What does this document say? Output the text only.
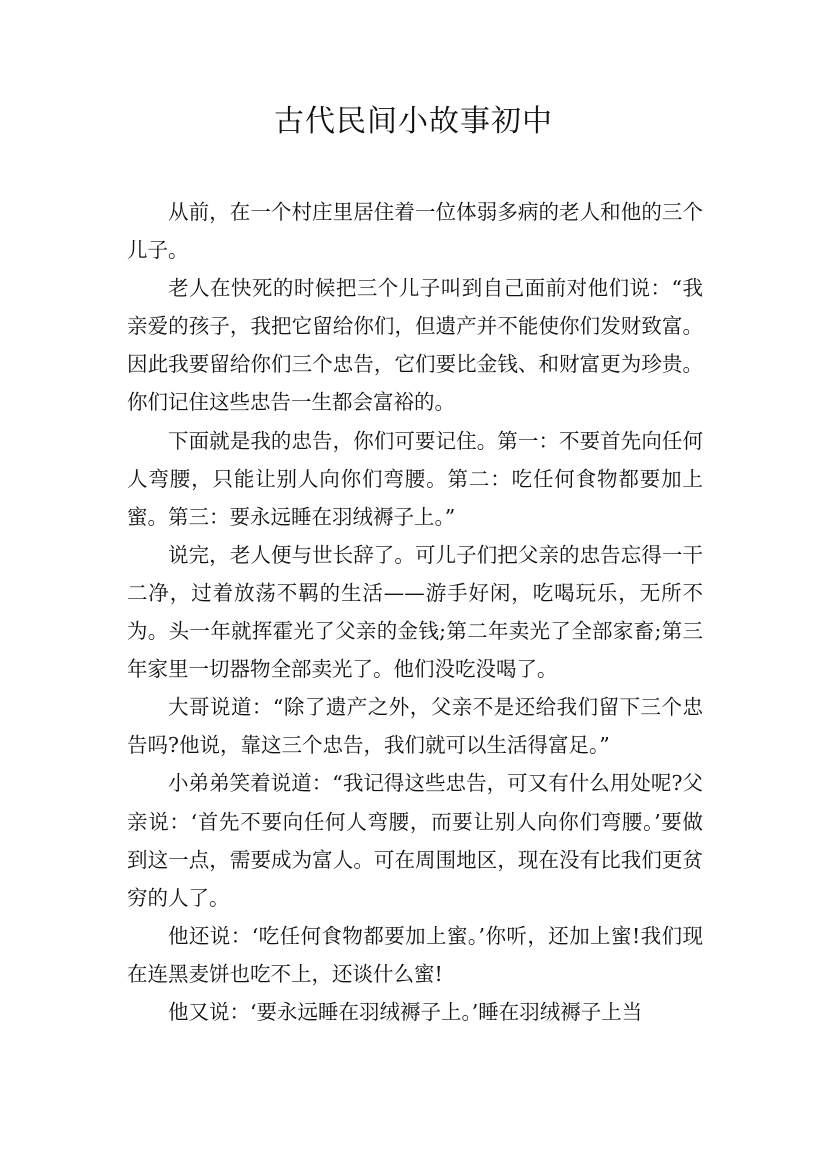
古代民间小故事初中

从前，在一个村庄里居住着一位体弱多病的老人和他的三个儿子。

老人在快死的时候把三个儿子叫到自己面前对他们说：“我亲爱的孩子，我把它留给你们，但遗产并不能使你们发财致富。因此我要留给你们三个忠告，它们要比金钱、和财富更为珍贵。你们记住这些忠告一生都会富裕的。

下面就是我的忠告，你们可要记住。第一：不要首先向任何人弯腰，只能让别人向你们弯腰。第二：吃任何食物都要加上蜜。第三：要永远睡在羽绒褥子上。”

说完，老人便与世长辞了。可儿子们把父亲的忠告忘得一干二净，过着放荡不羁的生活——游手好闲，吃喝玩乐，无所不为。头一年就挥霍光了父亲的金钱;第二年卖光了全部家畜;第三年家里一切器物全部卖光了。他们没吃没喝了。

大哥说道：“除了遗产之外，父亲不是还给我们留下三个忠告吗?他说，靠这三个忠告，我们就可以生活得富足。”

小弟弟笑着说道：“我记得这些忠告，可又有什么用处呢?父亲说：‘首先不要向任何人弯腰，而要让别人向你们弯腰。’要做到这一点，需要成为富人。可在周围地区，现在没有比我们更贫穷的人了。

他还说：‘吃任何食物都要加上蜜。’你听，还加上蜜!我们现在连黑麦饼也吃不上，还谈什么蜜!

他又说：‘要永远睡在羽绒褥子上。’睡在羽绒褥子上当
